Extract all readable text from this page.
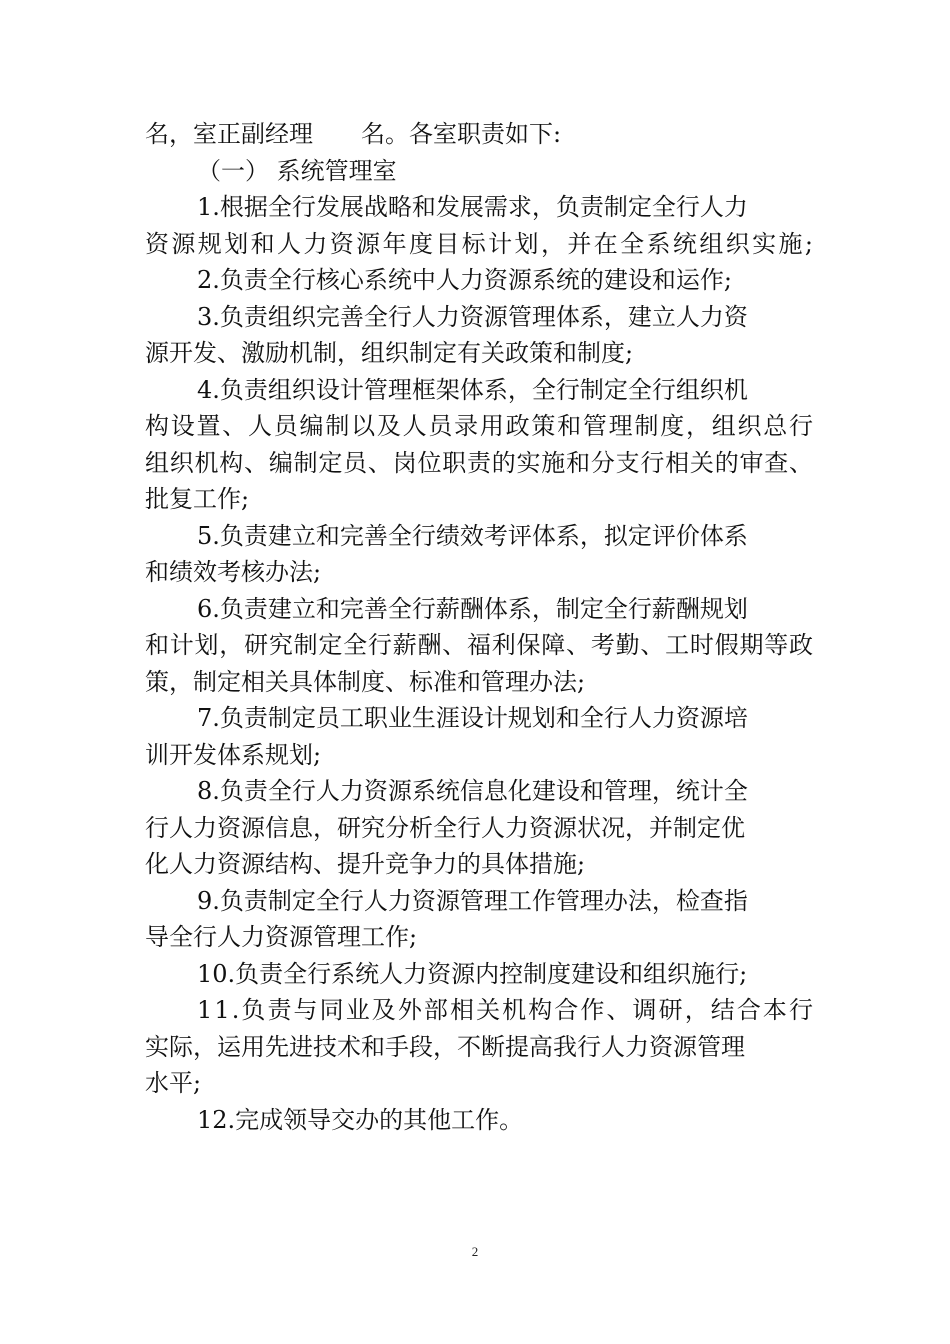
名，室正副经理　　名。各室职责如下:
（一） 系统管理室
1.根据全行发展战略和发展需求，负责制定全行人力
资源规划和人力资源年度目标计划，并在全系统组织实施;
2.负责全行核心系统中人力资源系统的建设和运作;
3.负责组织完善全行人力资源管理体系，建立人力资
源开发、激励机制，组织制定有关政策和制度;
4.负责组织设计管理框架体系，全行制定全行组织机
构设置、人员编制以及人员录用政策和管理制度，组织总行
组织机构、编制定员、岗位职责的实施和分支行相关的审查、
批复工作;
5.负责建立和完善全行绩效考评体系，拟定评价体系
和绩效考核办法;
6.负责建立和完善全行薪酬体系，制定全行薪酬规划
和计划，研究制定全行薪酬、福利保障、考勤、工时假期等政
策，制定相关具体制度、标准和管理办法;
7.负责制定员工职业生涯设计规划和全行人力资源培
训开发体系规划;
8.负责全行人力资源系统信息化建设和管理，统计全
行人力资源信息，研究分析全行人力资源状况，并制定优
化人力资源结构、提升竞争力的具体措施;
9.负责制定全行人力资源管理工作管理办法，检查指
导全行人力资源管理工作;
10.负责全行系统人力资源内控制度建设和组织施行;
11.负责与同业及外部相关机构合作、调研，结合本行
实际，运用先进技术和手段，不断提高我行人力资源管理
水平;
12.完成领导交办的其他工作。
2
